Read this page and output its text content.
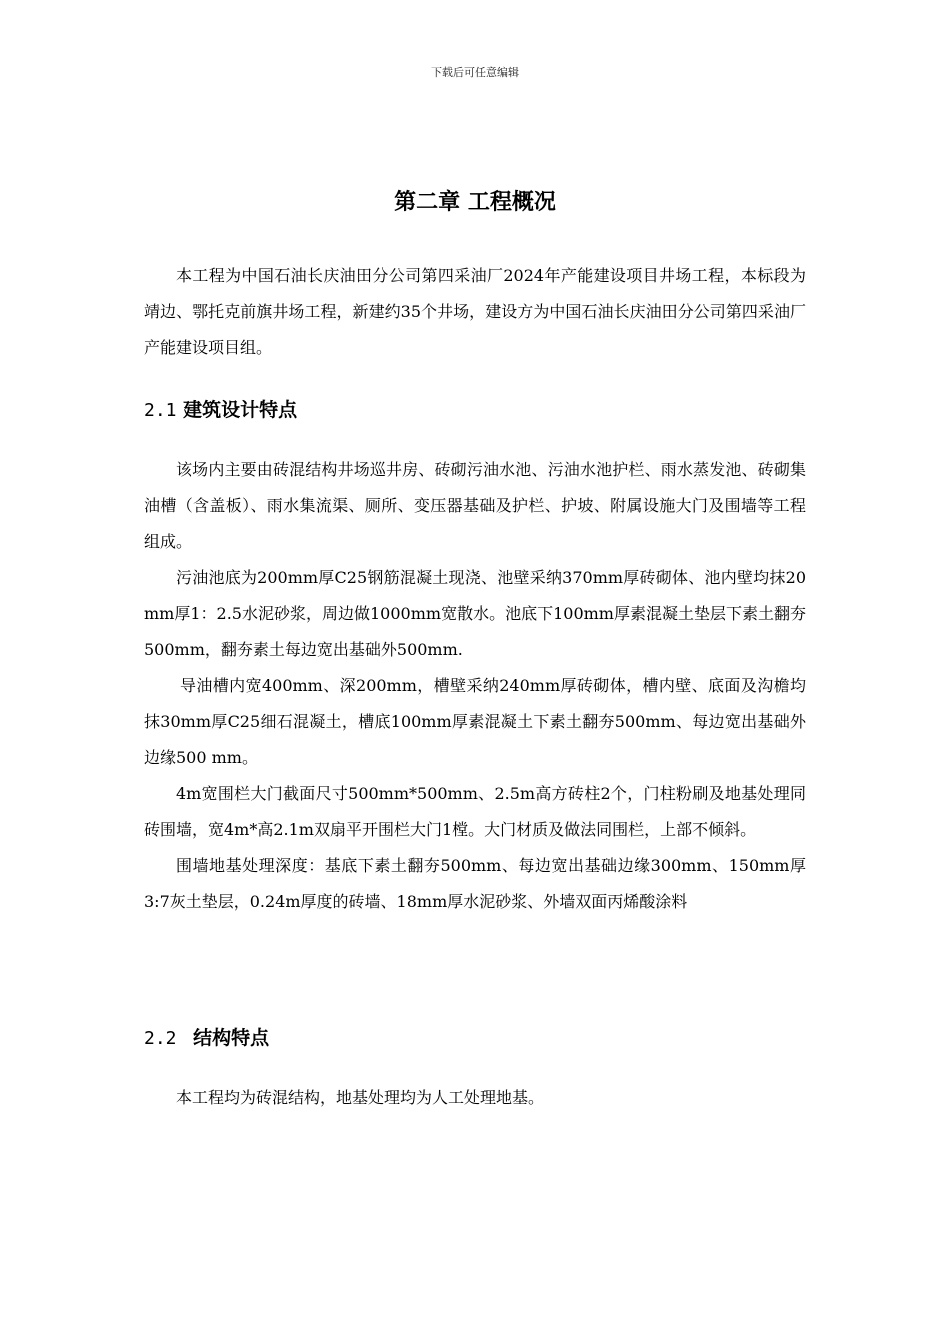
下载后可任意编辑
第二章 工程概况

本工程为中国石油长庆油田分公司第四采油厂2024年产能建设项目井场工程，本标段为靖边、鄂托克前旗井场工程，新建约35个井场，建设方为中国石油长庆油田分公司第四采油厂产能建设项目组。

2.1 建筑设计特点

该场内主要由砖混结构井场巡井房、砖砌污油水池、污油水池护栏、雨水蒸发池、砖砌集油槽（含盖板）、雨水集流渠、厕所、变压器基础及护栏、护坡、附属设施大门及围墙等工程组成。

污油池底为200mm厚C25钢筋混凝土现浇、池壁采纳370mm厚砖砌体、池内壁均抹20mm厚1：2.5水泥砂浆，周边做1000mm宽散水。池底下100mm厚素混凝土垫层下素土翻夯500mm，翻夯素土每边宽出基础外500mm.

导油槽内宽400mm、深200mm，槽壁采纳240mm厚砖砌体，槽内壁、底面及沟檐均抹30mm厚C25细石混凝土，槽底100mm厚素混凝土下素土翻夯500mm、每边宽出基础外边缘500 mm。

4m宽围栏大门截面尺寸500mm*500mm、2.5m高方砖柱2个，门柱粉刷及地基处理同砖围墙，宽4m*高2.1m双扇平开围栏大门1樘。大门材质及做法同围栏，上部不倾斜。

围墙地基处理深度：基底下素土翻夯500mm、每边宽出基础边缘300mm、150mm厚3:7灰土垫层，0.24m厚度的砖墙、18mm厚水泥砂浆、外墙双面丙烯酸涂料

2.2 结构特点

本工程均为砖混结构，地基处理均为人工处理地基。
